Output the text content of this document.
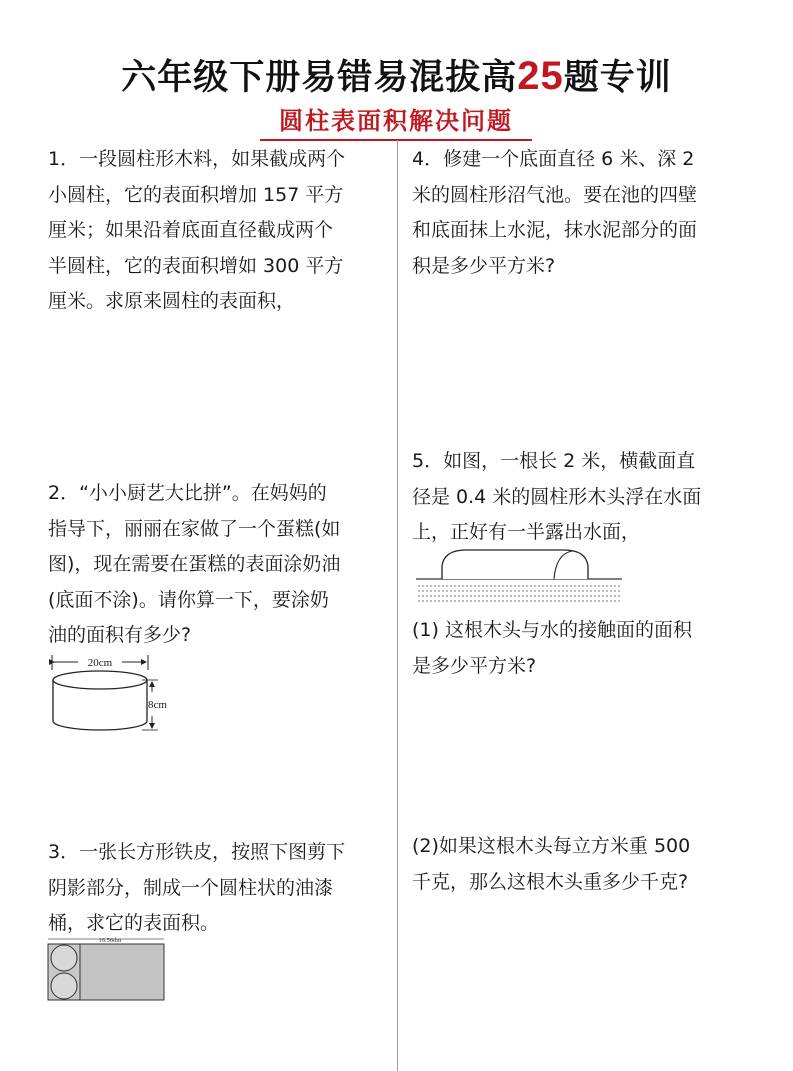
六年级下册易错易混拔高25题专训
圆柱表面积解决问题

1．一段圆柱形木料，如果截成两个

小圆柱，它的表面积增加 157 平方

厘米；如果沿着底面直径截成两个

半圆柱，它的表面积增如 300 平方

厘米。求原来圆柱的表面积，

2．“小小厨艺大比拼”。在妈妈的

指导下，丽丽在家做了一个蛋糕(如

图)，现在需要在蛋糕的表面涂奶油

(底面不涂)。请你算一下，要涂奶

油的面积有多少?

20cm
8cm

3．一张长方形铁皮，按照下图剪下

阴影部分，制成一个圆柱状的油漆

桶，求它的表面积。

16.56dm

4．修建一个底面直径 6 米、深 2

米的圆柱形沼气池。要在池的四壁

和底面抹上水泥，抹水泥部分的面

积是多少平方米?

5．如图，一根长 2 米，横截面直

径是 0.4 米的圆柱形木头浮在水面

上，正好有一半露出水面，

(1) 这根木头与水的接触面的面积

是多少平方米?

(2)如果这根木头每立方米重 500

千克，那么这根木头重多少千克?
